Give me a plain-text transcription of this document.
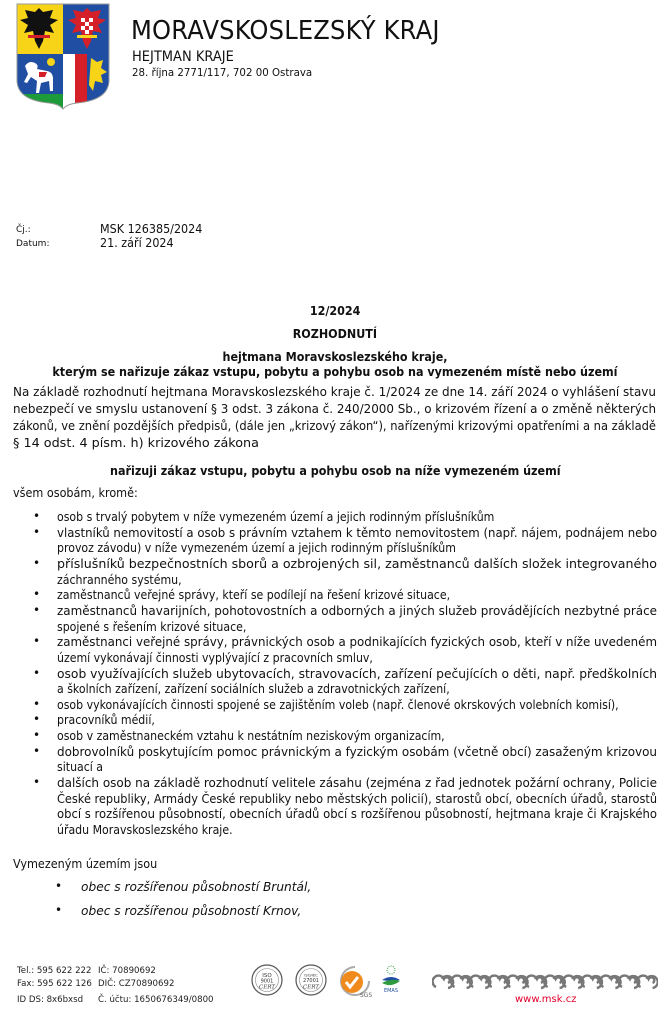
MORAVSKOSLEZSKÝ KRAJ
HEJTMAN KRAJE
28. října 2771/117, 702 00 Ostrava
Čj.:	MSK 126385/2024
Datum:	21. září 2024
12/2024
ROZHODNUTÍ
hejtmana Moravskoslezského kraje,
kterým se nařizuje zákaz vstupu, pobytu a pohybu osob na vymezeném místě nebo území
Na základě rozhodnutí hejtmana Moravskoslezského kraje č. 1/2024 ze dne 14. září 2024 o vyhlášení stavu
nebezpečí ve smyslu ustanovení § 3 odst. 3 zákona č. 240/2000 Sb., o krizovém řízení a o změně některých
zákonů, ve znění pozdějších předpisů, (dále jen „krizový zákon“), nařízenými krizovými opatřeními a na základě
§ 14 odst. 4 písm. h) krizového zákona
nařizuji zákaz vstupu, pobytu a pohybu osob na níže vymezeném území
všem osobám, kromě:
• osob s trvalý pobytem v níže vymezeném území a jejich rodinným příslušníkům
• vlastníků nemovitostí a osob s právním vztahem k těmto nemovitostem (např. nájem, podnájem nebo
provoz závodu) v níže vymezeném území a jejich rodinným příslušníkům
• příslušníků bezpečnostních sborů a ozbrojených sil, zaměstnanců dalších složek integrovaného
záchranného systému,
• zaměstnanců veřejné správy, kteří se podílejí na řešení krizové situace,
• zaměstnanců havarijních, pohotovostních a odborných a jiných služeb provádějících nezbytné práce
spojené s řešením krizové situace,
• zaměstnanci veřejné správy, právnických osob a podnikajících fyzických osob, kteří v níže uvedeném
území vykonávají činnosti vyplývající z pracovních smluv,
• osob využívajících služeb ubytovacích, stravovacích, zařízení pečujících o děti, např. předškolních
a školních zařízení, zařízení sociálních služeb a zdravotnických zařízení,
• osob vykonávajících činnosti spojené se zajištěním voleb (např. členové okrskových volebních komisí),
• pracovníků médií,
• osob v zaměstnaneckém vztahu k nestátním neziskovým organizacím,
• dobrovolníků poskytujícím pomoc právnickým a fyzickým osobám (včetně obcí) zasaženým krizovou
situací a
• dalších osob na základě rozhodnutí velitele zásahu (zejména z řad jednotek požární ochrany, Policie
České republiky, Armády České republiky nebo městských policií), starostů obcí, obecních úřadů, starostů
obcí s rozšířenou působností, obecních úřadů obcí s rozšířenou působností, hejtmana kraje či Krajského
úřadu Moravskoslezského kraje.
Vymezeným územím jsou
• obec s rozšířenou působností Bruntál,
• obec s rozšířenou působností Krnov,
Tel.: 595 622 222
Fax: 595 622 126
ID DS: 8x6bxsd
IČ: 70890692
DIČ: CZ70890692
Č. účtu: 1650676349/0800
ISO
9001
CERT
ISO/IEC
27001
CERT
SGS
EMAS
www.msk.cz
